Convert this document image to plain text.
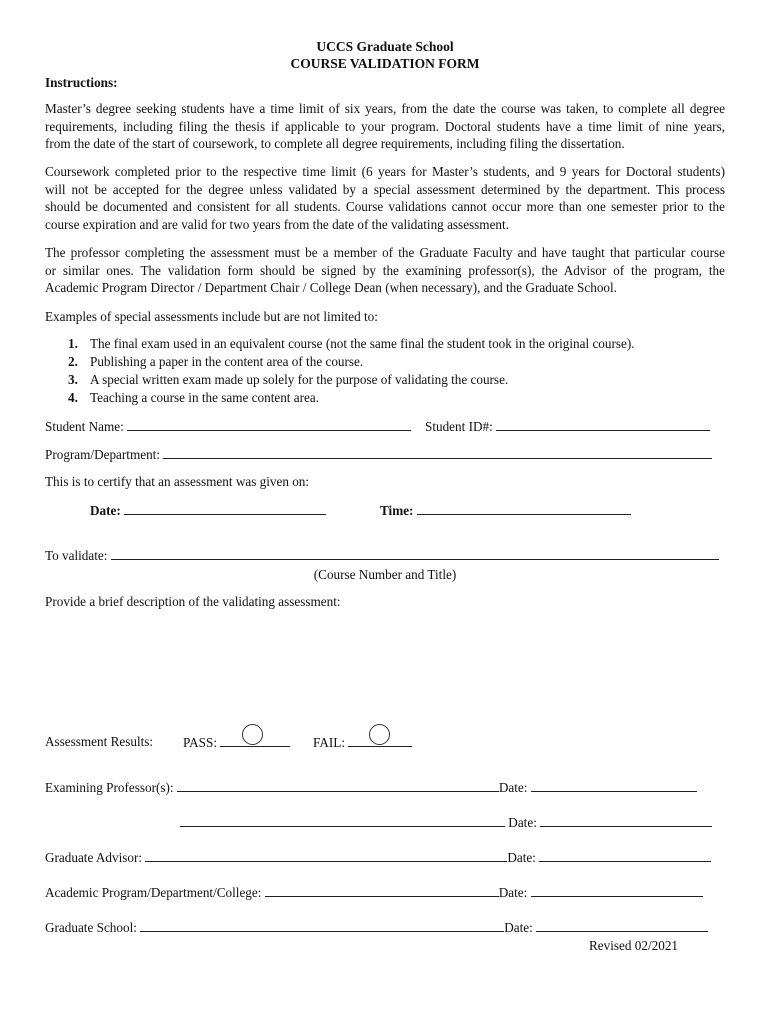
UCCS Graduate School
COURSE VALIDATION FORM
Instructions:
Master’s degree seeking students have a time limit of six years, from the date the course was taken, to complete all degree
requirements, including filing the thesis if applicable to your program. Doctoral students have a time limit of nine years,
from the date of the start of coursework, to complete all degree requirements, including filing the dissertation.
Coursework completed prior to the respective time limit (6 years for Master’s students, and 9 years for Doctoral students)
will not be accepted for the degree unless validated by a special assessment determined by the department. This process
should be documented and consistent for all students. Course validations cannot occur more than one semester prior to the
course expiration and are valid for two years from the date of the validating assessment.
The professor completing the assessment must be a member of the Graduate Faculty and have taught that particular course
or similar ones. The validation form should be signed by the examining professor(s), the Advisor of the program, the
Academic Program Director / Department Chair / College Dean (when necessary), and the Graduate School.
Examples of special assessments include but are not limited to:
1. The final exam used in an equivalent course (not the same final the student took in the original course).
2. Publishing a paper in the content area of the course.
3. A special written exam made up solely for the purpose of validating the course.
4. Teaching a course in the same content area.
Student Name:	Student ID#:
Program/Department:
This is to certify that an assessment was given on:
Date:	Time:
To validate:
(Course Number and Title)
Provide a brief description of the validating assessment:
Assessment Results: PASS:	FAIL:
Examining Professor(s):	Date:
Date:
Graduate Advisor:	Date:
Academic Program/Department/College:	Date:
Graduate School:	Date:
Revised 02/2021
